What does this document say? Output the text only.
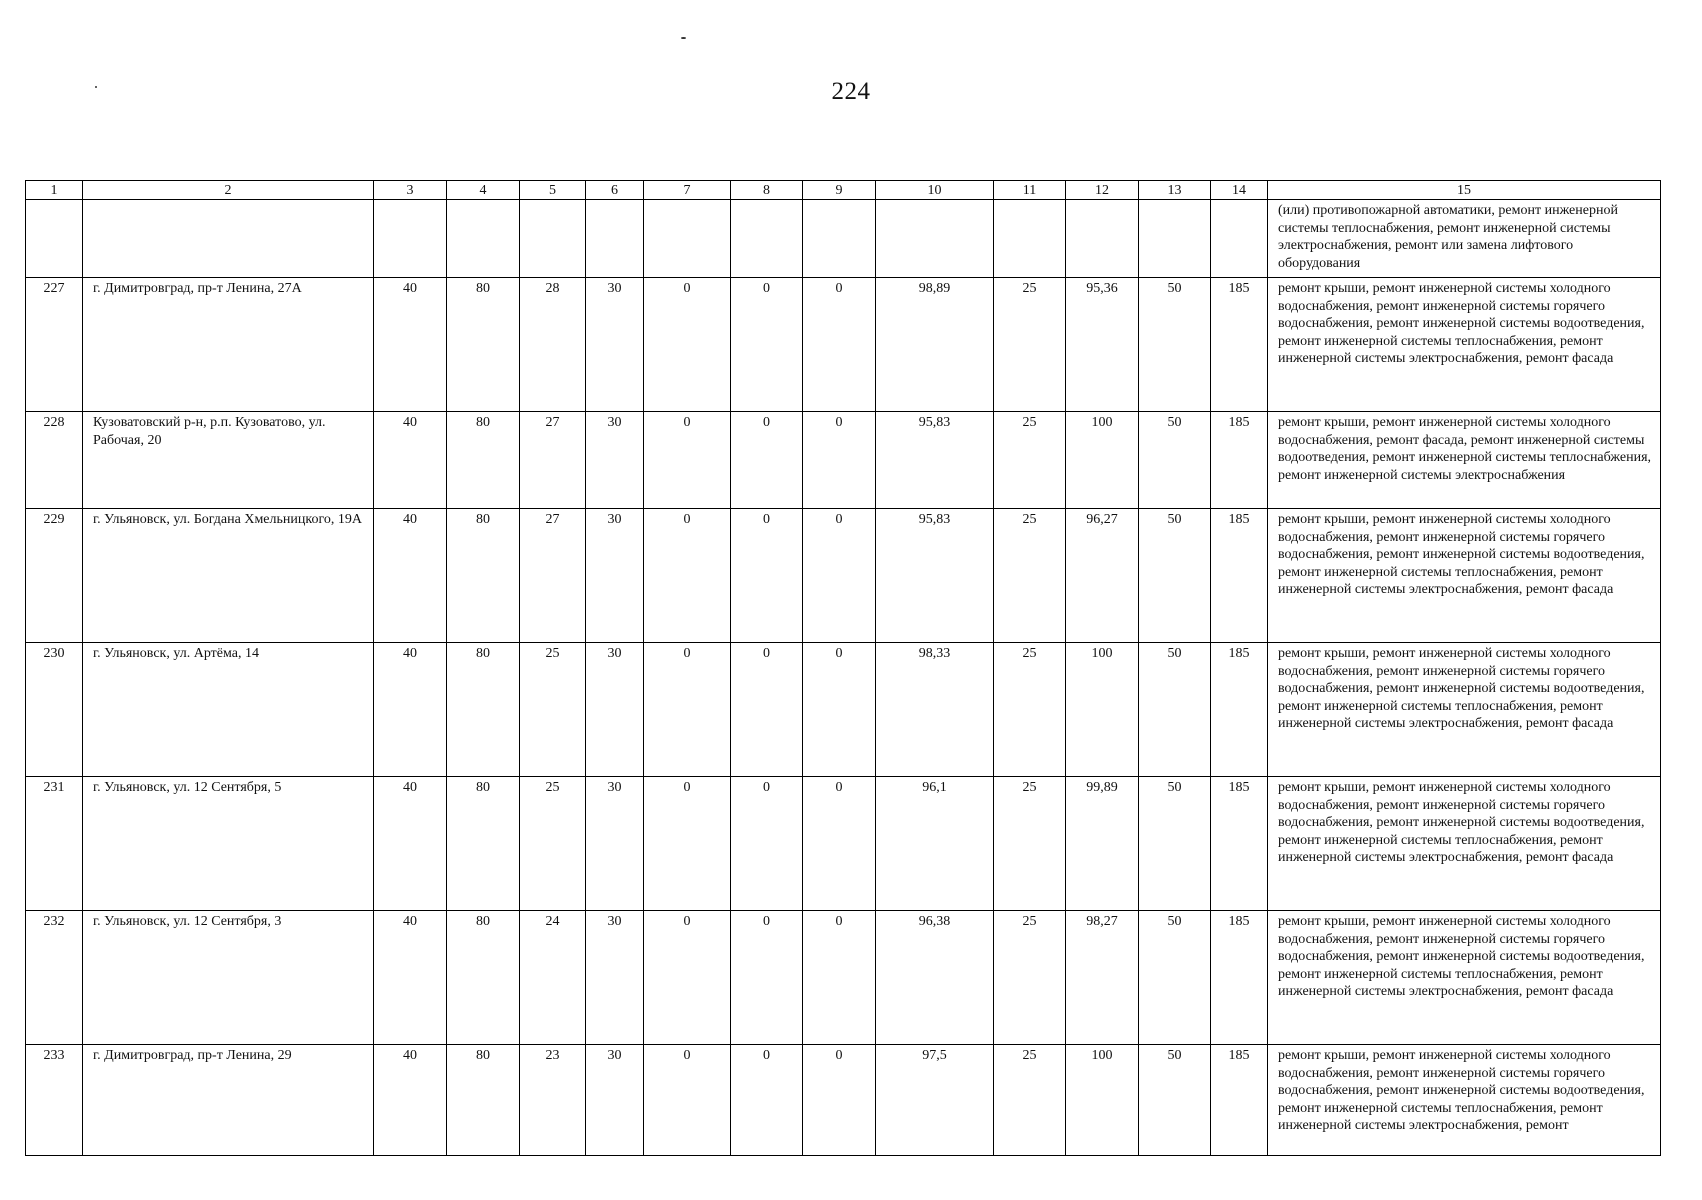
224
1	2	3	4	5	6	7	8	9	10	11	12	13	14	15
														(или) противопожарной автоматики, ремонт инженерной системы теплоснабжения, ремонт инженерной системы электроснабжения, ремонт или замена лифтового оборудования

227	г. Димитровград, пр-т Ленина, 27А	40	80	28	30	0	0	0	98,89	25	95,36	50	185	ремонт крыши, ремонт инженерной системы холодного водоснабжения, ремонт инженерной системы горячего водоснабжения, ремонт инженерной системы водоотведения, ремонт инженерной системы теплоснабжения, ремонт инженерной системы электроснабжения, ремонт фасада

228	Кузоватовский р-н, р.п. Кузоватово, ул. Рабочая, 20	40	80	27	30	0	0	0	95,83	25	100	50	185	ремонт крыши, ремонт инженерной системы холодного водоснабжения, ремонт фасада, ремонт инженерной системы водоотведения, ремонт инженерной системы теплоснабжения, ремонт инженерной системы электроснабжения

229	г. Ульяновск, ул. Богдана Хмельницкого, 19А	40	80	27	30	0	0	0	95,83	25	96,27	50	185	ремонт крыши, ремонт инженерной системы холодного водоснабжения, ремонт инженерной системы горячего водоснабжения, ремонт инженерной системы водоотведения, ремонт инженерной системы теплоснабжения, ремонт инженерной системы электроснабжения, ремонт фасада

230	г. Ульяновск, ул. Артёма, 14	40	80	25	30	0	0	0	98,33	25	100	50	185	ремонт крыши, ремонт инженерной системы холодного водоснабжения, ремонт инженерной системы горячего водоснабжения, ремонт инженерной системы водоотведения, ремонт инженерной системы теплоснабжения, ремонт инженерной системы электроснабжения, ремонт фасада

231	г. Ульяновск, ул. 12 Сентября, 5	40	80	25	30	0	0	0	96,1	25	99,89	50	185	ремонт крыши, ремонт инженерной системы холодного водоснабжения, ремонт инженерной системы горячего водоснабжения, ремонт инженерной системы водоотведения, ремонт инженерной системы теплоснабжения, ремонт инженерной системы электроснабжения, ремонт фасада

232	г. Ульяновск, ул. 12 Сентября, 3	40	80	24	30	0	0	0	96,38	25	98,27	50	185	ремонт крыши, ремонт инженерной системы холодного водоснабжения, ремонт инженерной системы горячего водоснабжения, ремонт инженерной системы водоотведения, ремонт инженерной системы теплоснабжения, ремонт инженерной системы электроснабжения, ремонт фасада

233	г. Димитровград, пр-т Ленина, 29	40	80	23	30	0	0	0	97,5	25	100	50	185	ремонт крыши, ремонт инженерной системы холодного водоснабжения, ремонт инженерной системы горячего водоснабжения, ремонт инженерной системы водоотведения, ремонт инженерной системы теплоснабжения, ремонт инженерной системы электроснабжения, ремонт
